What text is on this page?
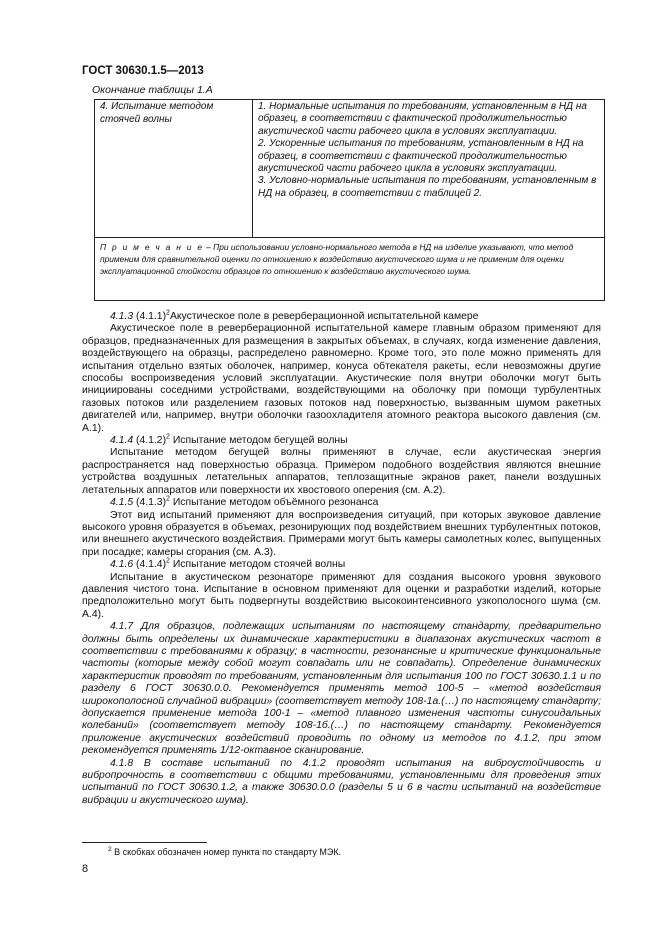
ГОСТ 30630.1.5—2013
Окончание таблицы 1.А
4. Испытание методом стоячей волны
1. Нормальные испытания по требованиям, установленным в НД на образец, в соответствии с фактической продолжительностью акустической части рабочего цикла в условиях эксплуатации.
2. Ускоренные испытания по требованиям, установленным в НД на образец, в соответствии с фактической продолжительностью акустической части рабочего цикла в условиях эксплуатации.
3. Условно-нормальные испытания по требованиям, установленным в НД на образец, в соответствии с таблицей 2.
П р и м е ч а н и е – При использовании условно-нормального метода в НД на изделие указывают, что метод применим для сравнительной оценки по отношению к воздействию акустического шума и не применим для оценки эксплуатационной стойкости образцов по отношению к воздействию акустического шума.

4.1.3 $(4.1.1)^2Акустическое$ поле в реверберационной испытательной камере

Акустическое поле в реверберационной испытательной камере главным образом применяют для образцов, предназначенных для размещения в закрытых объемах, в случаях, когда изменение давления, воздействующего на образцы, распределено равномерно. Кроме того, это поле можно применять для испытания отдельно взятых оболочек, например, конуса обтекателя ракеты, если невозможны другие способы воспроизведения условий эксплуатации. Акустические поля внутри оболочки могут быть инициированы соседними устройствами, воздействующими на оболочку при помощи турбулентных газовых потоков или разделением газовых потоков над поверхностью, вызванным шумом ракетных двигателей или, например, внутри оболочки газоохладителя атомного реактора высокого давления (см. А.1).

4.1.4 $(4.1.2)^2$ Испытание методом бегущей волны

Испытание методом бегущей волны применяют в случае, если акустическая энергия распространяется над поверхностью образца. Примером подобного воздействия являются внешние устройства воздушных летательных аппаратов, теплозащитные экранов ракет, панели воздушных летательных аппаратов или поверхности их хвостового оперения (см. А.2).

4.1.5 $(4.1.3)^2$ Испытание методом объёмного резонанса

Этот вид испытаний применяют для воспроизведения ситуаций, при которых звуковое давление высокого уровня образуется в объемах, резонирующих под воздействием внешних турбулентных потоков, или внешнего акустического воздействия. Примерами могут быть камеры самолетных колес, выпущенных при посадке; камеры сгорания (см. А.3).

4.1.6 $(4.1.4)^2$ Испытание методом стоячей волны

Испытание в акустическом резонаторе применяют для создания высокого уровня звукового давления чистого тона. Испытание в основном применяют для оценки и разработки изделий, которые предположительно могут быть подвергнуты воздействию высокоинтенсивного узкополосного шума (см. А.4).

4.1.7 Для образцов, подлежащих испытаниям по настоящему стандарту, предварительно должны быть определены их динамические характеристики в диапазонах акустических частот в соответствии с требованиями к образцу; в частности, резонансные и критические функциональные частоты (которые между собой могут совпадать или не совпадать). Определение динамических характеристик проводят по требованиям, установленным для испытания 100 по ГОСТ 30630.1.1 и по разделу 6 ГОСТ 30630.0.0. Рекомендуется применять метод 100-5 – «метод воздействия широкополосной случайной вибрации» (соответствует методу 108-1а.(…) по настоящему стандарту; допускается применение метода 100-1 – «метод плавного изменения частоты синусоидальных колебаний» (соответствует методу 108-1б.(…) по настоящему стандарту. Рекомендуется приложение акустических воздействий проводить по одному из методов по 4.1.2, при этом рекомендуется применять 1/12-октавное сканирование.

4.1.8 В составе испытаний по 4.1.2 проводят испытания на виброустойчивость и вибропрочность в соответствии с общими требованиями, установленными для проведения этих испытаний по ГОСТ 30630.1.2, а также 30630.0.0 (разделы 5 и 6 в части испытаний на воздействие вибрации и акустического шума).

$^2$ В скобках обозначен номер пункта по стандарту МЭК.
8
